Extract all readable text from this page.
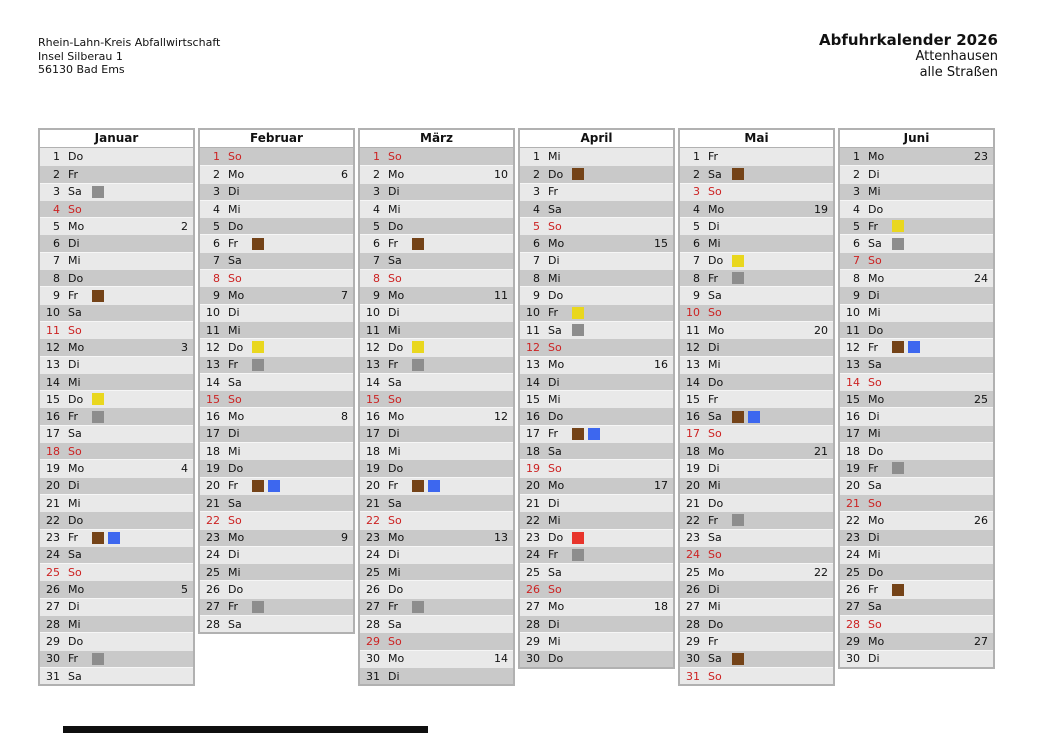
Rhein-Lahn-Kreis Abfallwirtschaft
Insel Silberau 1
56130 Bad Ems
Abfuhrkalender 2026
Attenhausen
alle Straßen
Januar
1 Do
2 Fr
3 Sa
4 So
5 Mo	2
6 Di
7 Mi
8 Do
9 Fr
10 Sa
11 So
12 Mo	3
13 Di
14 Mi
15 Do
16 Fr
17 Sa
18 So
19 Mo	4
20 Di
21 Mi
22 Do
23 Fr
24 Sa
25 So
26 Mo	5
27 Di
28 Mi
29 Do
30 Fr
31 Sa
Februar
1 So
2 Mo	6
3 Di
4 Mi
5 Do
6 Fr
7 Sa
8 So
9 Mo	7
10 Di
11 Mi
12 Do
13 Fr
14 Sa
15 So
16 Mo	8
17 Di
18 Mi
19 Do
20 Fr
21 Sa
22 So
23 Mo	9
24 Di
25 Mi
26 Do
27 Fr
28 Sa
März
1 So
2 Mo	10
3 Di
4 Mi
5 Do
6 Fr
7 Sa
8 So
9 Mo	11
10 Di
11 Mi
12 Do
13 Fr
14 Sa
15 So
16 Mo	12
17 Di
18 Mi
19 Do
20 Fr
21 Sa
22 So
23 Mo	13
24 Di
25 Mi
26 Do
27 Fr
28 Sa
29 So
30 Mo	14
31 Di
April
1 Mi
2 Do
3 Fr
4 Sa
5 So
6 Mo	15
7 Di
8 Mi
9 Do
10 Fr
11 Sa
12 So
13 Mo	16
14 Di
15 Mi
16 Do
17 Fr
18 Sa
19 So
20 Mo	17
21 Di
22 Mi
23 Do
24 Fr
25 Sa
26 So
27 Mo	18
28 Di
29 Mi
30 Do
Mai
1 Fr
2 Sa
3 So
4 Mo	19
5 Di
6 Mi
7 Do
8 Fr
9 Sa
10 So
11 Mo	20
12 Di
13 Mi
14 Do
15 Fr
16 Sa
17 So
18 Mo	21
19 Di
20 Mi
21 Do
22 Fr
23 Sa
24 So
25 Mo	22
26 Di
27 Mi
28 Do
29 Fr
30 Sa
31 So
Juni
1 Mo	23
2 Di
3 Mi
4 Do
5 Fr
6 Sa
7 So
8 Mo	24
9 Di
10 Mi
11 Do
12 Fr
13 Sa
14 So
15 Mo	25
16 Di
17 Mi
18 Do
19 Fr
20 Sa
21 So
22 Mo	26
23 Di
24 Mi
25 Do
26 Fr
27 Sa
28 So
29 Mo	27
30 Di
